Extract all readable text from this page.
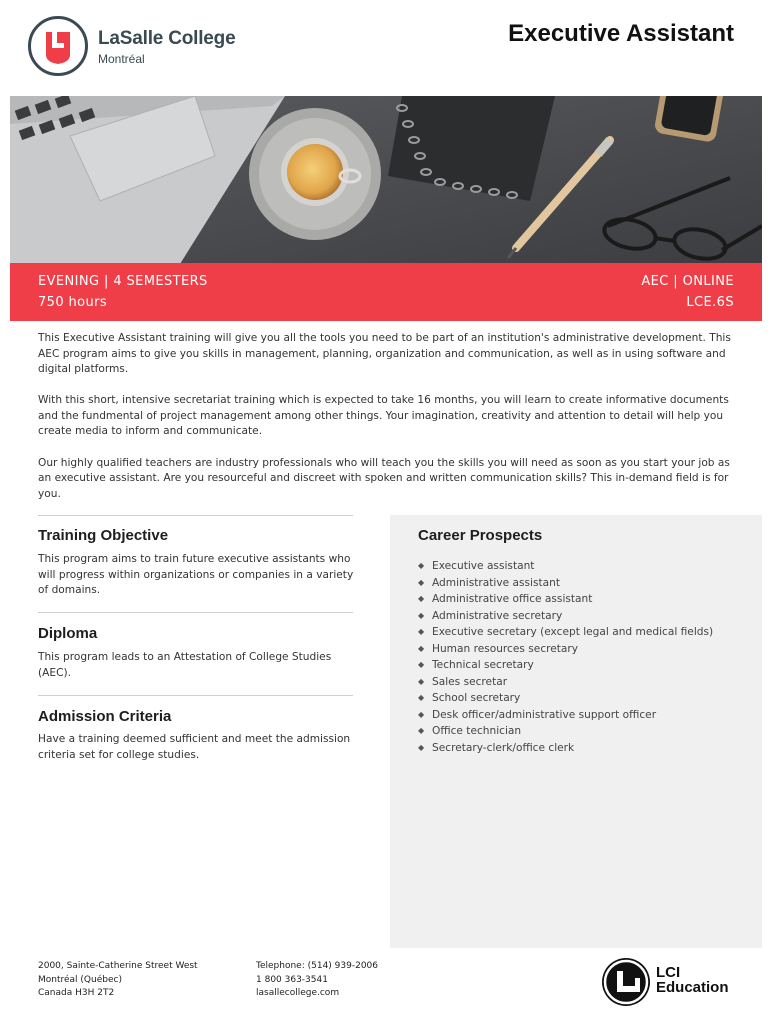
LaSalle College
Montréal
Executive Assistant
EVENING | 4 SEMESTERS
750 hours
AEC | ONLINE
LCE.6S

This Executive Assistant training will give you all the tools you need to be part of an institution's administrative development. This AEC program aims to give you skills in management, planning, organization and communication, as well as in using software and digital platforms.

With this short, intensive secretariat training which is expected to take 16 months, you will learn to create informative documents and the fundmental of project management among other things. Your imagination, creativity and attention to detail will help you create media to inform and communicate.

Our highly qualified teachers are industry professionals who will teach you the skills you will need as soon as you start your job as an executive assistant. Are you resourceful and discreet with spoken and written communication skills? This in-demand field is for you.

Training Objective
This program aims to train future executive assistants who will progress within organizations or companies in a variety of domains.
Diploma
This program leads to an Attestation of College Studies (AEC).
Admission Criteria
Have a training deemed sufficient and meet the admission criteria set for college studies.
Career Prospects
◆ Executive assistant
◆ Administrative assistant
◆ Administrative office assistant
◆ Administrative secretary
◆ Executive secretary (except legal and medical fields)
◆ Human resources secretary
◆ Technical secretary
◆ Sales secretar
◆ School secretary
◆ Desk officer/administrative support officer
◆ Office technician
◆ Secretary-clerk/office clerk
2000, Sainte-Catherine Street West
Montréal (Québec)
Canada H3H 2T2
Telephone: (514) 939-2006
1 800 363-3541
lasallecollege.com
LCI
Education
